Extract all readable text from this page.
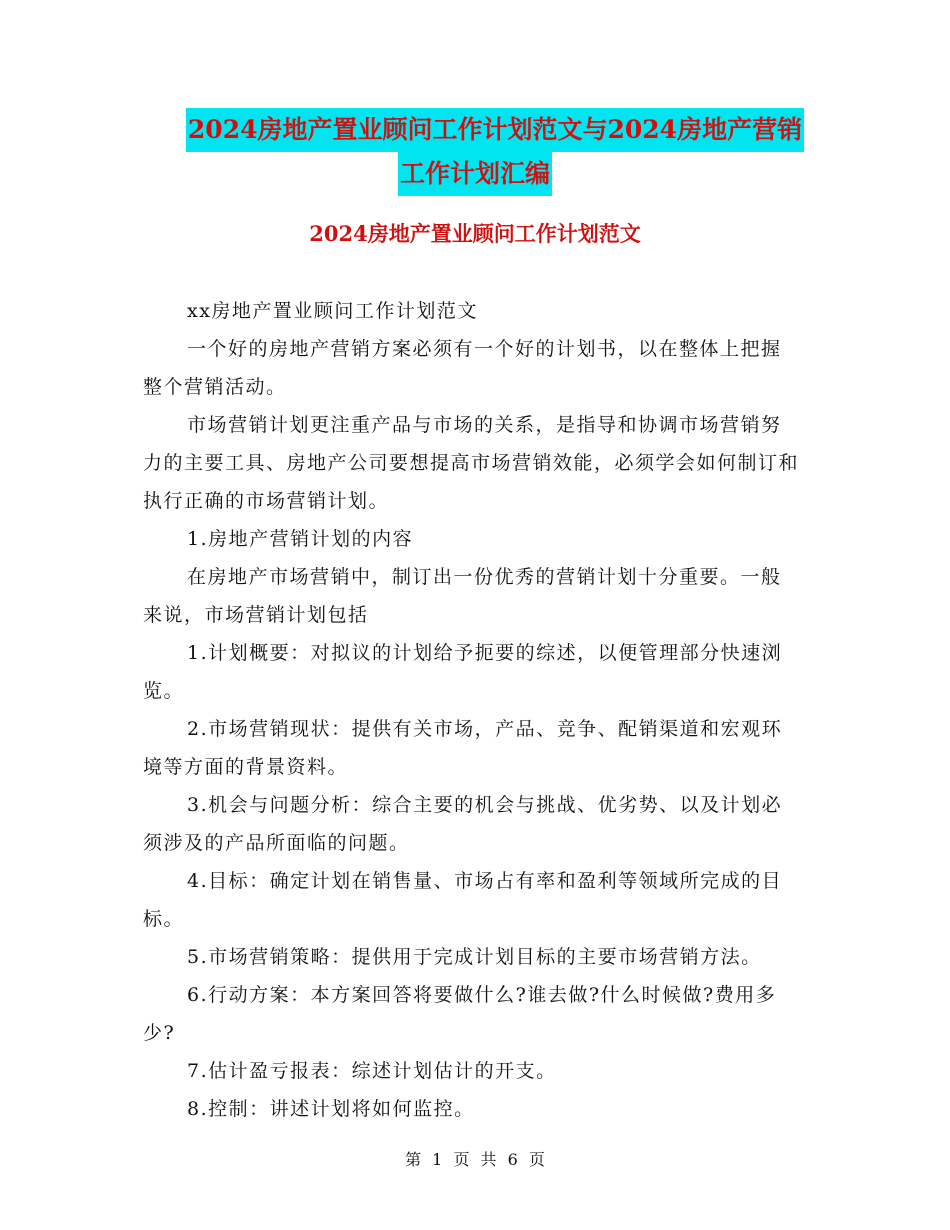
2024房地产置业顾问工作计划范文与2024房地产营销
工作计划汇编
2024房地产置业顾问工作计划范文

xx房地产置业顾问工作计划范文

一个好的房地产营销方案必须有一个好的计划书，以在整体上把握整个营销活动。

市场营销计划更注重产品与市场的关系，是指导和协调市场营销努力的主要工具、房地产公司要想提高市场营销效能，必须学会如何制订和执行正确的市场营销计划。

1.房地产营销计划的内容

在房地产市场营销中，制订出一份优秀的营销计划十分重要。一般来说，市场营销计划包括

1.计划概要：对拟议的计划给予扼要的综述，以便管理部分快速浏览。

2.市场营销现状：提供有关市场，产品、竞争、配销渠道和宏观环境等方面的背景资料。

3.机会与问题分析：综合主要的机会与挑战、优劣势、以及计划必须涉及的产品所面临的问题。

4.目标：确定计划在销售量、市场占有率和盈利等领域所完成的目标。

5.市场营销策略：提供用于完成计划目标的主要市场营销方法。

6.行动方案：本方案回答将要做什么?谁去做?什么时候做?费用多少?

7.估计盈亏报表：综述计划估计的开支。

8.控制：讲述计划将如何监控。

第 1 页 共 6 页
